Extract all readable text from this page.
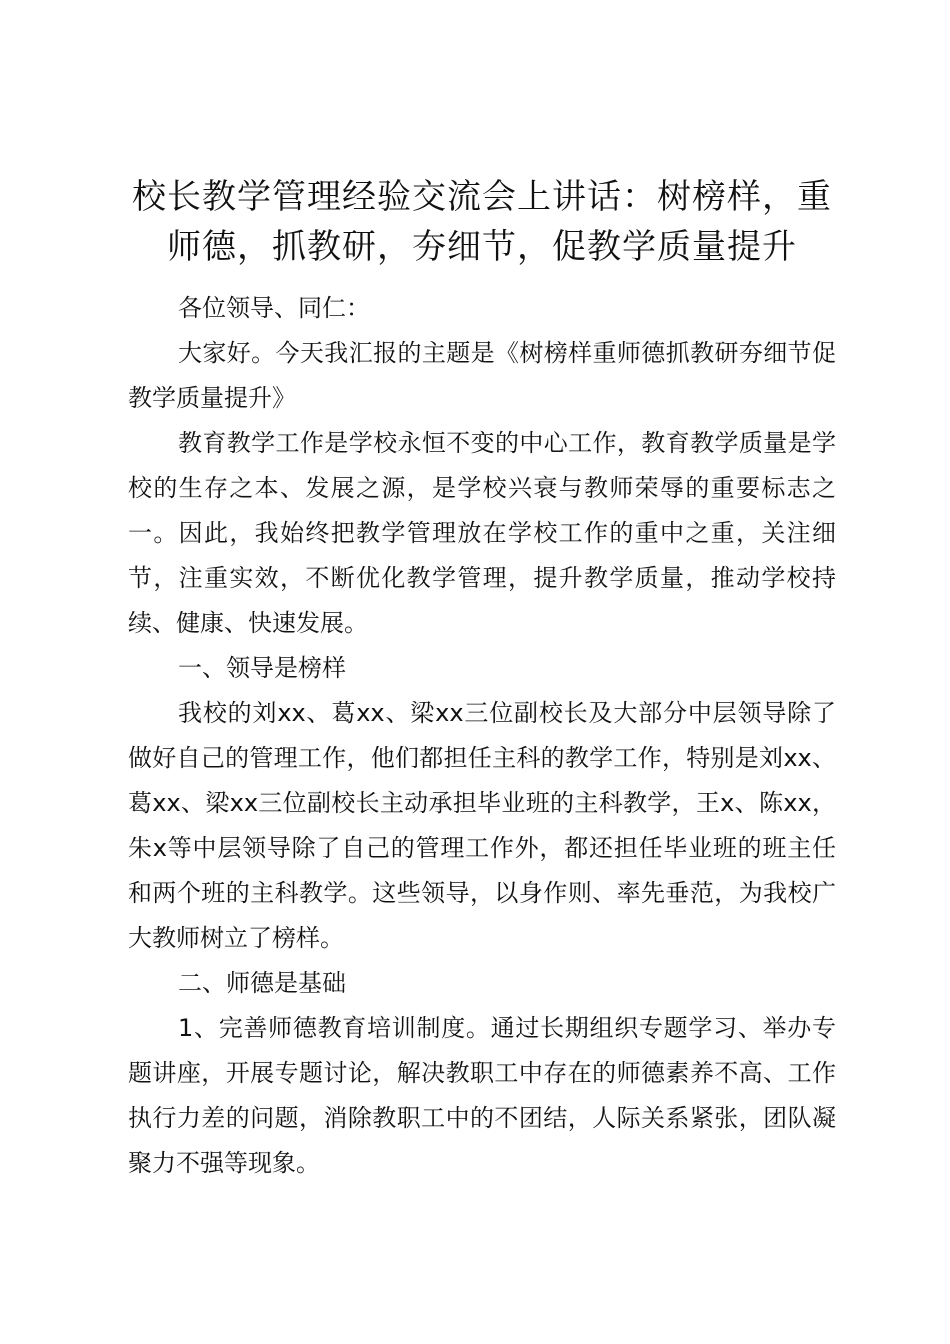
校长教学管理经验交流会上讲话：树榜样，重师德，抓教研，夯细节，促教学质量提升

各位领导、同仁：

大家好。今天我汇报的主题是《树榜样重师德抓教研夯细节促教学质量提升》

教育教学工作是学校永恒不变的中心工作，教育教学质量是学校的生存之本、发展之源，是学校兴衰与教师荣辱的重要标志之一。因此，我始终把教学管理放在学校工作的重中之重，关注细节，注重实效，不断优化教学管理，提升教学质量，推动学校持续、健康、快速发展。

一、领导是榜样

我校的刘xx、葛xx、梁xx三位副校长及大部分中层领导除了做好自己的管理工作，他们都担任主科的教学工作，特别是刘xx、葛xx、梁xx三位副校长主动承担毕业班的主科教学，王x、陈xx，朱x等中层领导除了自己的管理工作外，都还担任毕业班的班主任和两个班的主科教学。这些领导，以身作则、率先垂范，为我校广大教师树立了榜样。

二、师德是基础

1、完善师德教育培训制度。通过长期组织专题学习、举办专题讲座，开展专题讨论，解决教职工中存在的师德素养不高、工作执行力差的问题，消除教职工中的不团结，人际关系紧张，团队凝聚力不强等现象。
